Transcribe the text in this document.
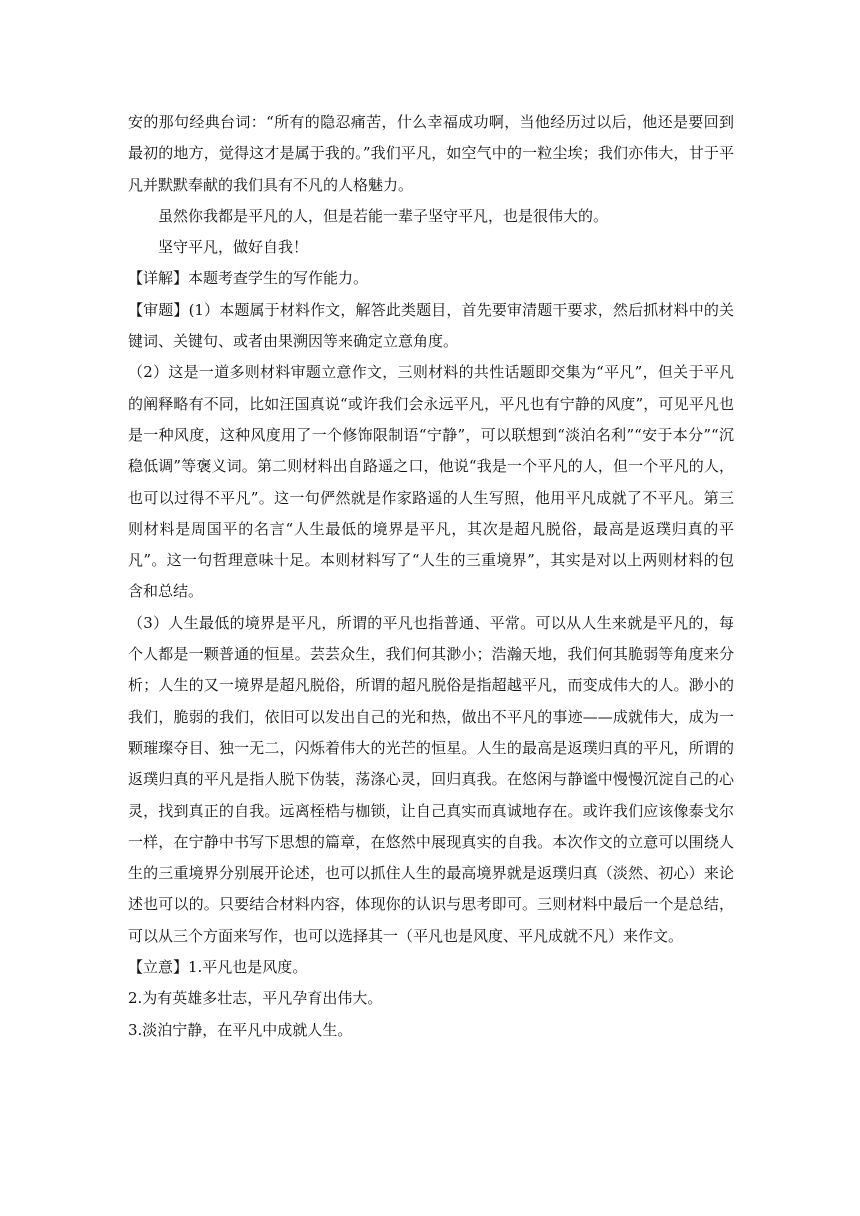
安的那句经典台词：“所有的隐忍痛苦，什么幸福成功啊，当他经历过以后，他还是要回到最初的地方，觉得这才是属于我的。”我们平凡，如空气中的一粒尘埃；我们亦伟大，甘于平凡并默默奉献的我们具有不凡的人格魅力。

虽然你我都是平凡的人，但是若能一辈子坚守平凡，也是很伟大的。

坚守平凡，做好自我！

【详解】本题考查学生的写作能力。

【审题】(1）本题属于材料作文，解答此类题目，首先要审清题干要求，然后抓材料中的关键词、关键句、或者由果溯因等来确定立意角度。

（2）这是一道多则材料审题立意作文，三则材料的共性话题即交集为“平凡”，但关于平凡的阐释略有不同，比如汪国真说“或许我们会永远平凡，平凡也有宁静的风度”，可见平凡也是一种风度，这种风度用了一个修饰限制语“宁静”，可以联想到“淡泊名利”“安于本分”“沉稳低调”等褒义词。第二则材料出自路遥之口，他说“我是一个平凡的人，但一个平凡的人，也可以过得不平凡”。这一句俨然就是作家路遥的人生写照，他用平凡成就了不平凡。第三则材料是周国平的名言“人生最低的境界是平凡，其次是超凡脱俗，最高是返璞归真的平凡”。这一句哲理意味十足。本则材料写了“人生的三重境界”，其实是对以上两则材料的包含和总结。

（3）人生最低的境界是平凡，所谓的平凡也指普通、平常。可以从人生来就是平凡的，每个人都是一颗普通的恒星。芸芸众生，我们何其渺小；浩瀚天地，我们何其脆弱等角度来分析；人生的又一境界是超凡脱俗，所谓的超凡脱俗是指超越平凡，而变成伟大的人。渺小的我们，脆弱的我们，依旧可以发出自己的光和热，做出不平凡的事迹——成就伟大，成为一颗璀璨夺目、独一无二，闪烁着伟大的光芒的恒星。人生的最高是返璞归真的平凡，所谓的返璞归真的平凡是指人脱下伪装，荡涤心灵，回归真我。在悠闲与静谧中慢慢沉淀自己的心灵，找到真正的自我。远离桎梏与枷锁，让自己真实而真诚地存在。或许我们应该像泰戈尔一样，在宁静中书写下思想的篇章，在悠然中展现真实的自我。本次作文的立意可以围绕人生的三重境界分别展开论述，也可以抓住人生的最高境界就是返璞归真（淡然、初心）来论述也可以的。只要结合材料内容，体现你的认识与思考即可。三则材料中最后一个是总结，可以从三个方面来写作，也可以选择其一（平凡也是风度、平凡成就不凡）来作文。

【立意】1.平凡也是风度。

2.为有英雄多壮志，平凡孕育出伟大。

3.淡泊宁静，在平凡中成就人生。
